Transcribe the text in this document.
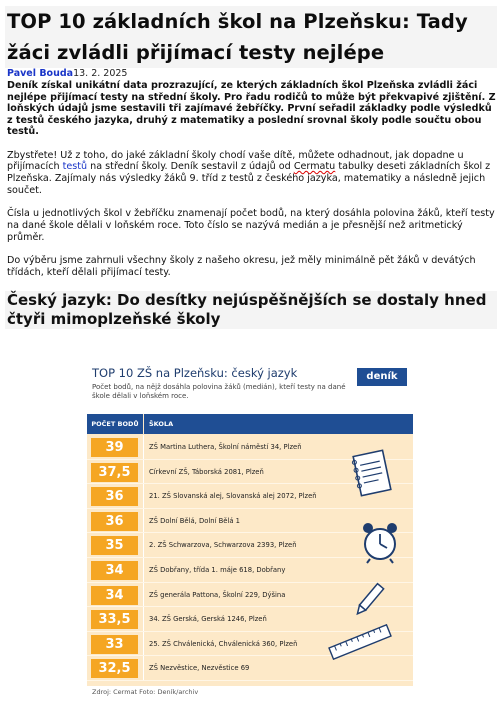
TOP 10 základních škol na Plzeňsku: Tady žáci zvládli přijímací testy nejlépe
Pavel Bouda13. 2. 2025

Deník získal unikátní data prozrazující, ze kterých základních škol Plzeňska zvládli žáci nejlépe přijímací testy na střední školy. Pro řadu rodičů to může být překvapivé zjištění. Z loňských údajů jsme sestavili tři zajímavé žebříčky. První seřadil základky podle výsledků z testů českého jazyka, druhý z matematiky a poslední srovnal školy podle součtu obou testů.

Zbystřete! Už z toho, do jaké základní školy chodí vaše dítě, můžete odhadnout, jak dopadne u přijímacích testů na střední školy. Deník sestavil z údajů od Cermatu tabulky deseti základních škol z Plzeňska. Zajímaly nás výsledky žáků 9. tříd z testů z českého jazyka, matematiky a následně jejich součet.

Čísla u jednotlivých škol v žebříčku znamenají počet bodů, na který dosáhla polovina žáků, kteří testy na dané škole dělali v loňském roce. Toto číslo se nazývá medián a je přesnější než aritmetický průměr.

Do výběru jsme zahrnuli všechny školy z našeho okresu, jež měly minimálně pět žáků v devátých třídách, kteří dělali přijímací testy.

Český jazyk: Do desítky nejúspěšnějších se dostaly hned čtyři mimoplzeňské školy
TOP 10 ZŠ na Plzeňsku: český jazyk
Počet bodů, na nějž dosáhla polovina žáků (medián), kteří testy na dané škole dělali v loňském roce.
deník
POČET BODŮ	ŠKOLA
39	ZŠ Martina Luthera, Školní náměstí 34, Plzeň
37,5	Církevní ZŠ, Táborská 2081, Plzeň
36	21. ZŠ Slovanská alej, Slovanská alej 2072, Plzeň
36	ZŠ Dolní Bělá, Dolní Bělá 1
35	2. ZŠ Schwarzova, Schwarzova 2393, Plzeň
34	ZŠ Dobřany, třída 1. máje 618, Dobřany
34	ZŠ generála Pattona, Školní 229, Dýšina
33,5	34. ZŠ Gerská, Gerská 1246, Plzeň
33	25. ZŠ Chválenická, Chválenická 360, Plzeň
32,5	ZŠ Nezvěstice, Nezvěstice 69
Zdroj: Cermat Foto: Deník/archiv
